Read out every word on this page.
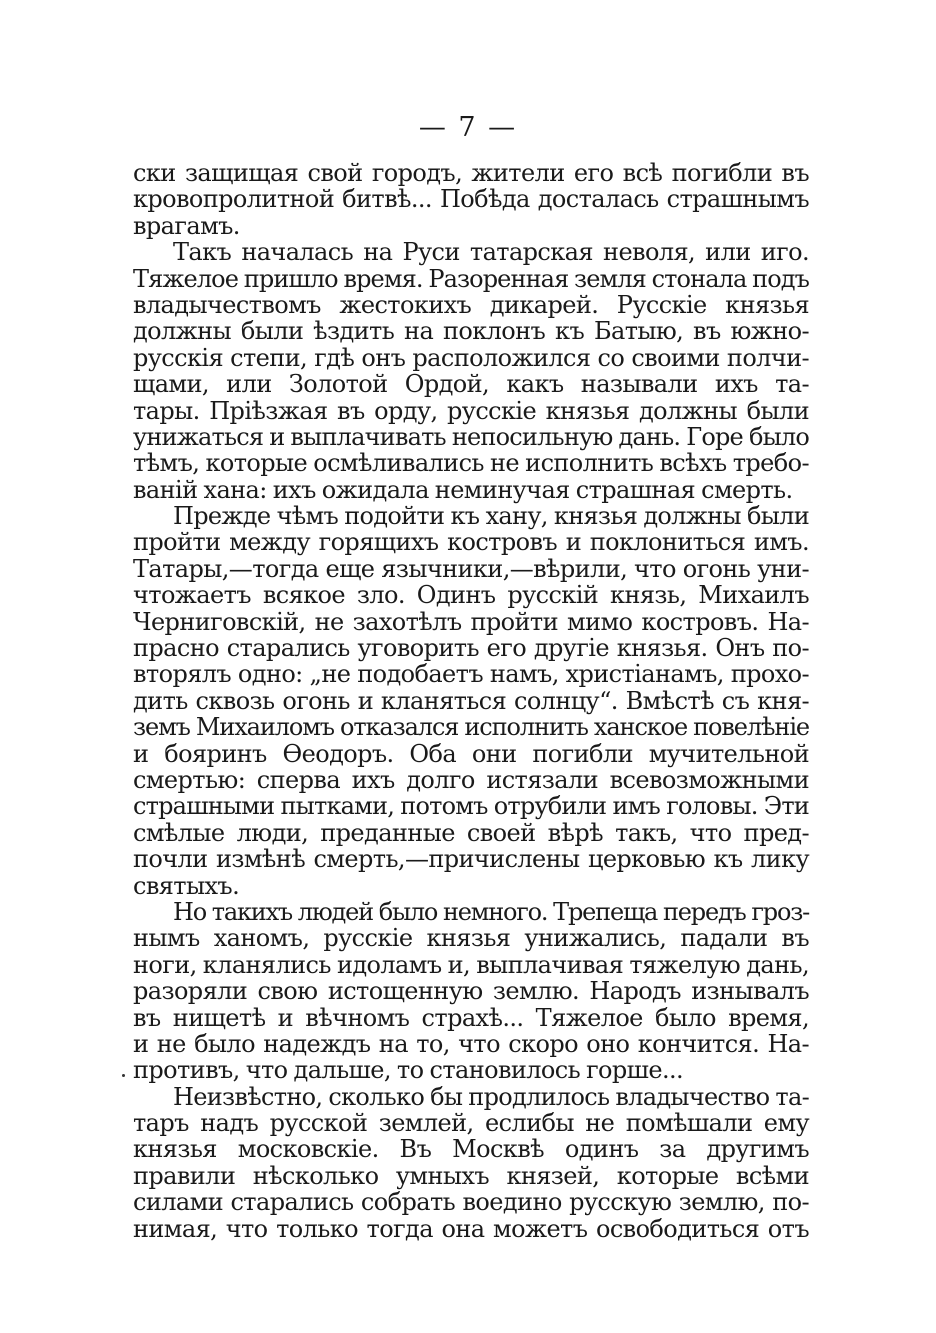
— 7 —
ски защищая свой городъ, жители его всѣ погибли въ
кровопролитной битвѣ... Побѣда досталась страшнымъ
врагамъ.
Такъ началась на Руси татарская неволя, или иго.
Тяжелое пришло время. Разоренная земля стонала подъ
владычествомъ жестокихъ дикарей. Русскіе князья
должны были ѣздить на поклонъ къ Батыю, въ южно-
русскія степи, гдѣ онъ расположился со своими полчи-
щами, или Золотой Ордой, какъ называли ихъ та-
тары. Пріѣзжая въ орду, русскіе князья должны были
унижаться и выплачивать непосильную дань. Горе было
тѣмъ, которые осмѣливались не исполнить всѣхъ требо-
ваній хана: ихъ ожидала неминучая страшная смерть.
Прежде чѣмъ подойти къ хану, князья должны были
пройти между горящихъ костровъ и поклониться имъ.
Татары,—тогда еще язычники,—вѣрили, что огонь уни-
чтожаетъ всякое зло. Одинъ русскій князь, Михаилъ
Черниговскій, не захотѣлъ пройти мимо костровъ. На-
прасно старались уговорить его другіе князья. Онъ по-
вторялъ одно: „не подобаетъ намъ, христіанамъ, прохо-
дить сквозь огонь и кланяться солнцу“. Вмѣстѣ съ кня-
земъ Михаиломъ отказался исполнить ханское повелѣніе
и бояринъ Ѳеодоръ. Оба они погибли мучительной
смертью: сперва ихъ долго истязали всевозможными
страшными пытками, потомъ отрубили имъ головы. Эти
смѣлые люди, преданные своей вѣрѣ такъ, что пред-
почли измѣнѣ смерть,—причислены церковью къ лику
святыхъ.
Но такихъ людей было немного. Трепеща передъ гроз-
нымъ ханомъ, русскіе князья унижались, падали въ
ноги, кланялись идоламъ и, выплачивая тяжелую дань,
разоряли свою истощенную землю. Народъ изнывалъ
въ нищетѣ и вѣчномъ страхѣ... Тяжелое было время,
и не было надеждъ на то, что скоро оно кончится. На-
противъ, что дальше, то становилось горше...
Неизвѣстно, сколько бы продлилось владычество та-
таръ надъ русской землей, еслибы не помѣшали ему
князья московскіе. Въ Москвѣ одинъ за другимъ
правили нѣсколько умныхъ князей, которые всѣми
силами старались собрать воедино русскую землю, по-
нимая, что только тогда она можетъ освободиться отъ
